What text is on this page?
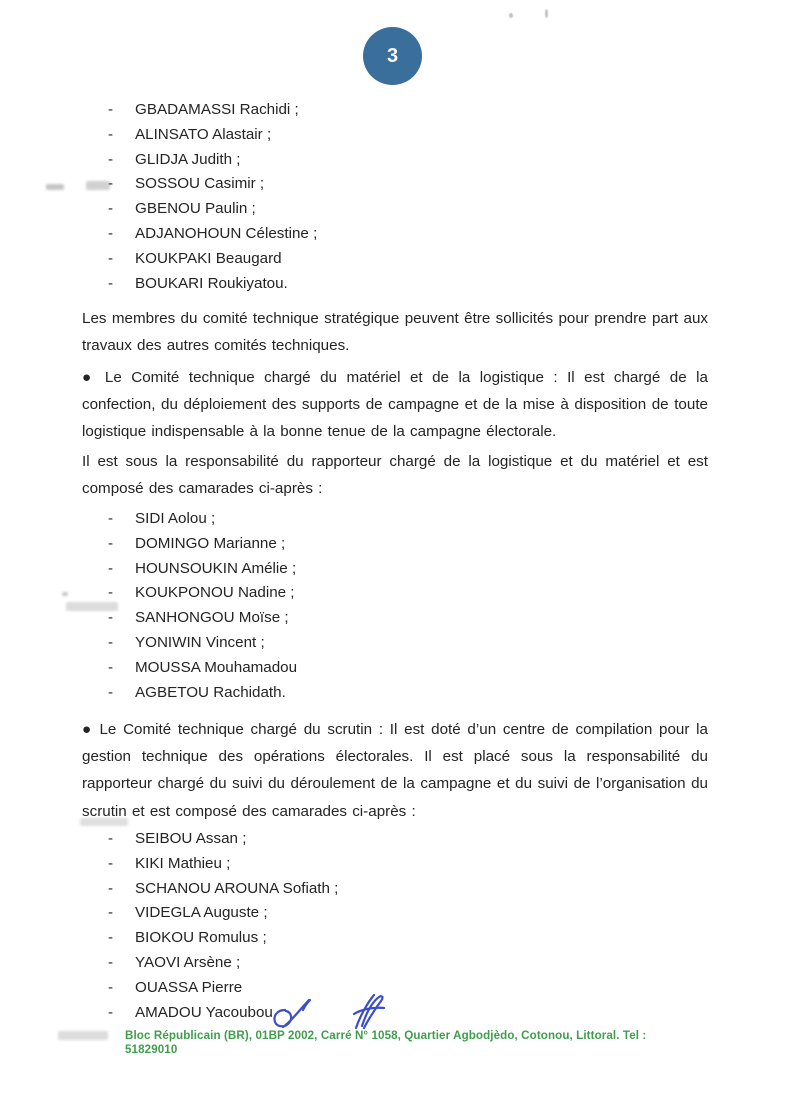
3
- GBADAMASSI Rachidi ;
- ALINSATO Alastair ;
- GLIDJA Judith ;
- SOSSOU Casimir ;
- GBENOU Paulin ;
- ADJANOHOUN Célestine ;
- KOUKPAKI Beaugard
- BOUKARI Roukiyatou.

Les membres du comité technique stratégique peuvent être sollicités pour prendre part aux travaux des autres comités techniques.

● Le Comité technique chargé du matériel et de la logistique : Il est chargé de la confection, du déploiement des supports de campagne et de la mise à disposition de toute logistique indispensable à la bonne tenue de la campagne électorale.

Il est sous la responsabilité du rapporteur chargé de la logistique et du matériel et est composé des camarades ci-après :

- SIDI Aolou ;
- DOMINGO Marianne ;
- HOUNSOUKIN Amélie ;
- KOUKPONOU Nadine ;
- SANHONGOU Moïse ;
- YONIWIN Vincent ;
- MOUSSA Mouhamadou
- AGBETOU Rachidath.

● Le Comité technique chargé du scrutin : Il est doté d’un centre de compilation pour la gestion technique des opérations électorales. Il est placé sous la responsabilité du rapporteur chargé du suivi du déroulement de la campagne et du suivi de l’organisation du scrutin et est composé des camarades ci-après :

- SEIBOU Assan ;
- KIKI Mathieu ;
- SCHANOU AROUNA Sofiath ;
- VIDEGLA Auguste ;
- BIOKOU Romulus ;
- YAOVI Arsène ;
- OUASSA Pierre
- AMADOU Yacoubou
Bloc Républicain (BR), 01BP 2002, Carré N° 1058, Quartier Agbodjèdo, Cotonou, Littoral. Tel : 51829010
